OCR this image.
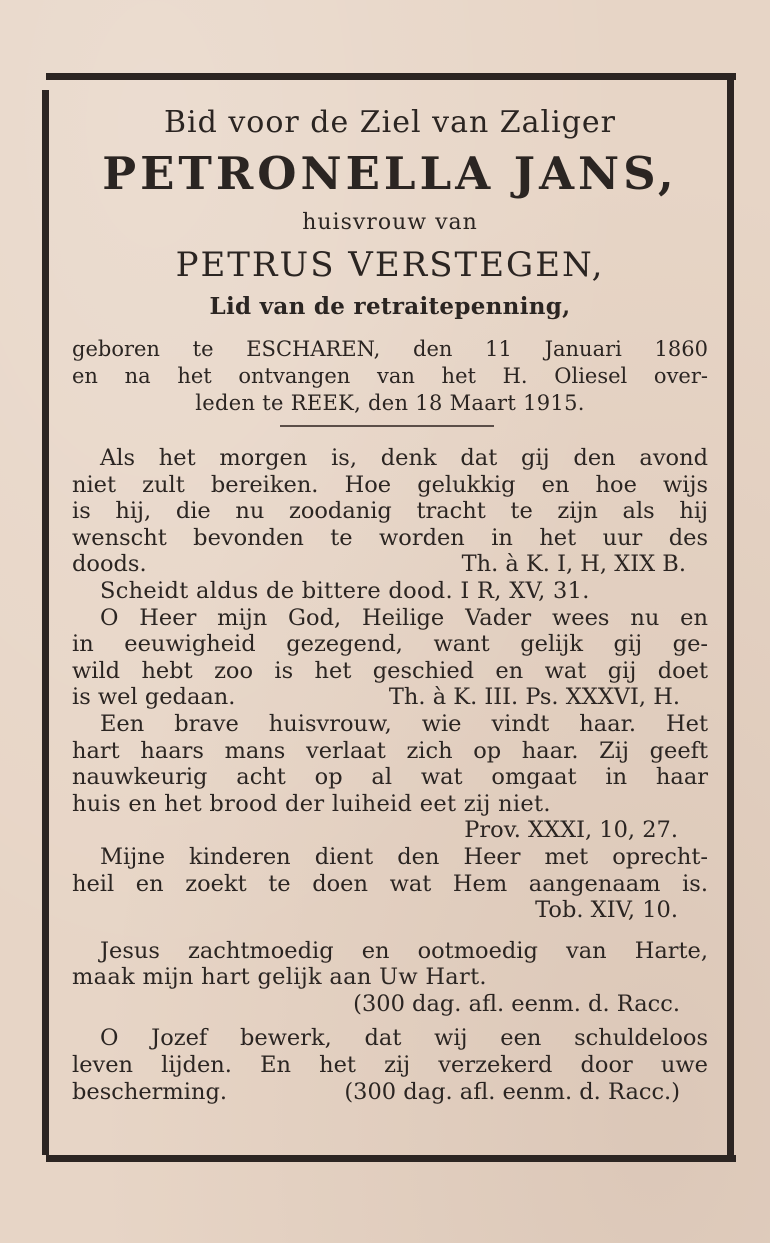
Bid voor de Ziel van Zaliger
PETRONELLA JANS,
huisvrouw van
PETRUS VERSTEGEN,
Lid van de retraitepenning,
geboren te ESCHAREN, den 11 Januari 1860
en na het ontvangen van het H. Oliesel over-
leden te REEK, den 18 Maart 1915.
Als het morgen is, denk dat gij den avond
niet zult bereiken. Hoe gelukkig en hoe wijs
is hij, die nu zoodanig tracht te zijn als hij
wenscht bevonden te worden in het uur des
doods.	Th. à K. I, H, XIX B.
Scheidt aldus de bittere dood. I R, XV, 31.
O Heer mijn God, Heilige Vader wees nu en
in eeuwigheid gezegend, want gelijk gij ge-
wild hebt zoo is het geschied en wat gij doet
is wel gedaan.	Th. à K. III. Ps. XXXVI, H.
Een brave huisvrouw, wie vindt haar. Het
hart haars mans verlaat zich op haar. Zij geeft
nauwkeurig acht op al wat omgaat in haar
huis en het brood der luiheid eet zij niet.
Prov. XXXI, 10, 27.
Mijne kinderen dient den Heer met oprecht-
heil en zoekt te doen wat Hem aangenaam is.
Tob. XIV, 10.
Jesus zachtmoedig en ootmoedig van Harte,
maak mijn hart gelijk aan Uw Hart.
(300 dag. afl. eenm. d. Racc.
O Jozef bewerk, dat wij een schuldeloos
leven lijden. En het zij verzekerd door uwe
bescherming.	(300 dag. afl. eenm. d. Racc.)
